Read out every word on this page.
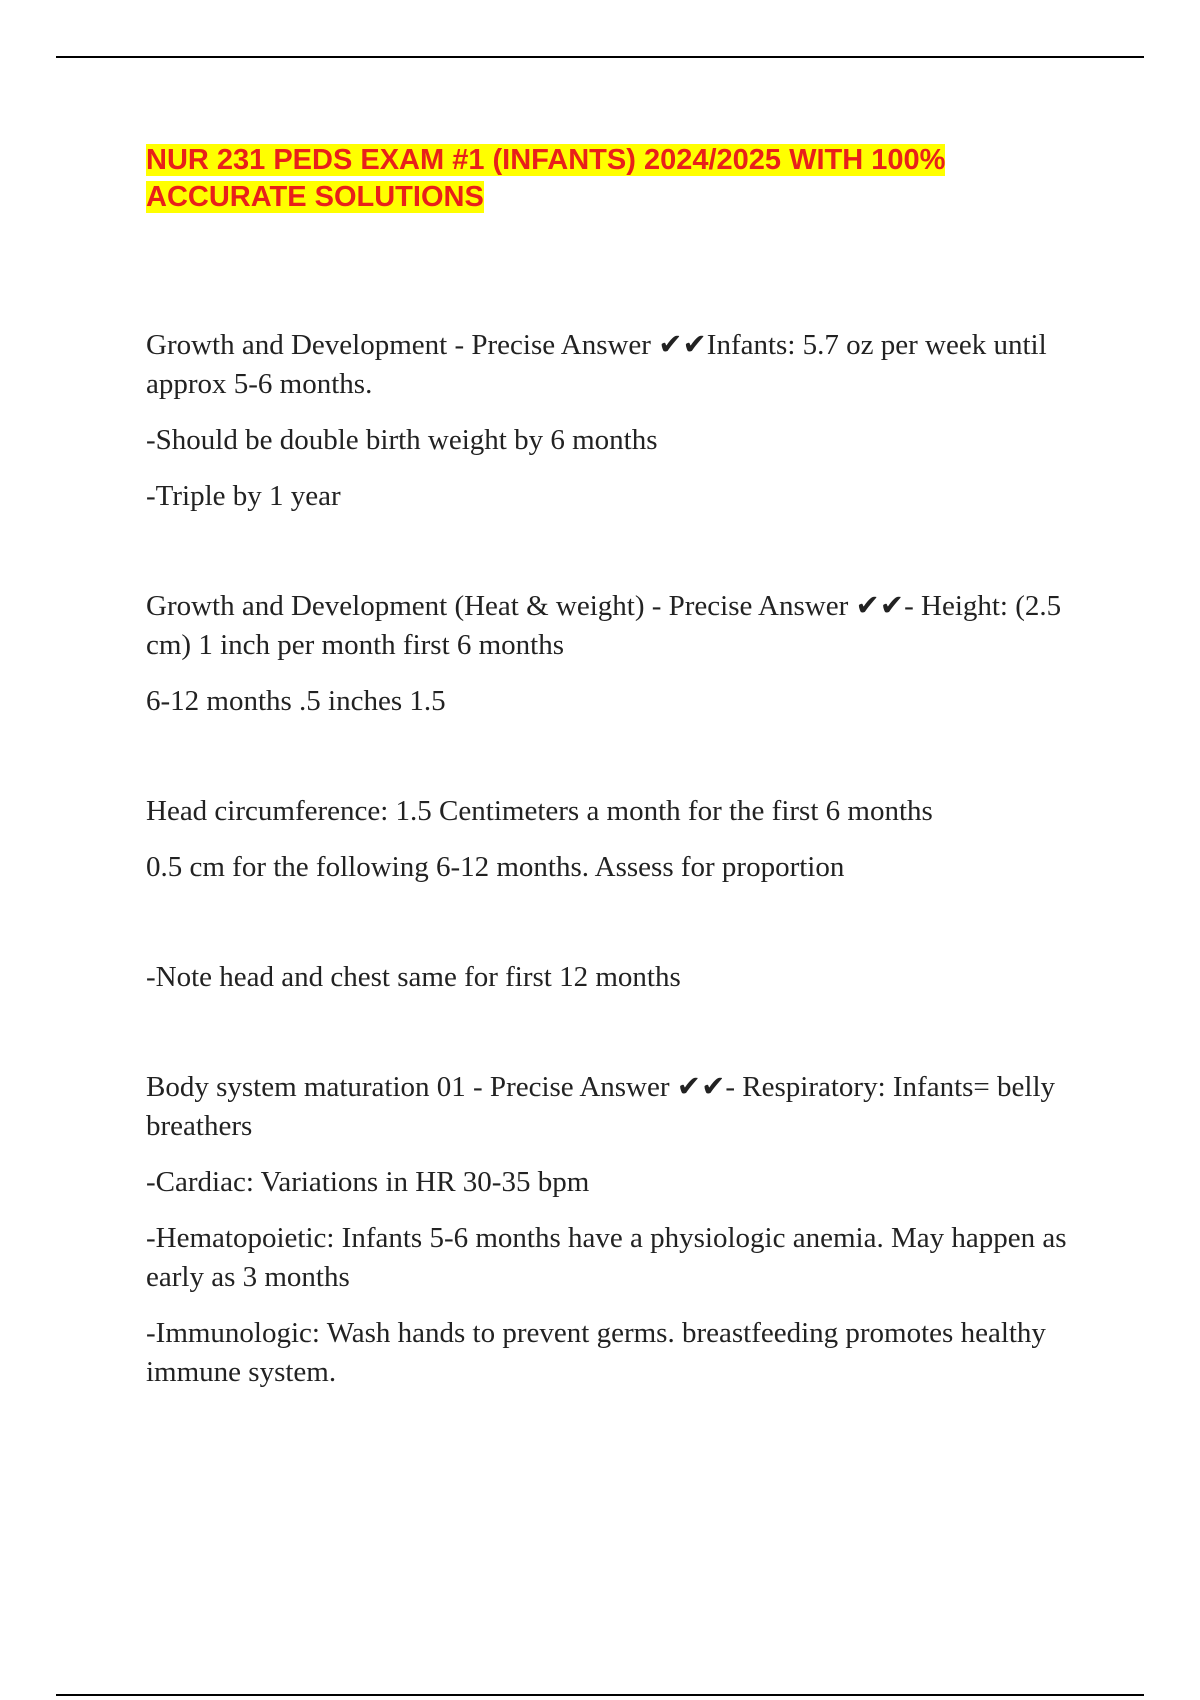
NUR 231 PEDS EXAM #1 (INFANTS) 2024/2025 WITH 100%
ACCURATE SOLUTIONS

Growth and Development - Precise Answer ✔✔Infants: 5.7 oz per week until approx 5-6 months.

-Should be double birth weight by 6 months

-Triple by 1 year

Growth and Development (Heat & weight) - Precise Answer ✔✔- Height: (2.5 cm) 1 inch per month first 6 months

6-12 months .5 inches 1.5

Head circumference: 1.5 Centimeters a month for the first 6 months

0.5 cm for the following 6-12 months. Assess for proportion

-Note head and chest same for first 12 months

Body system maturation 01 - Precise Answer ✔✔- Respiratory: Infants= belly breathers

-Cardiac: Variations in HR 30-35 bpm

-Hematopoietic: Infants 5-6 months have a physiologic anemia. May happen as early as 3 months

-Immunologic: Wash hands to prevent germs. breastfeeding promotes healthy immune system.
